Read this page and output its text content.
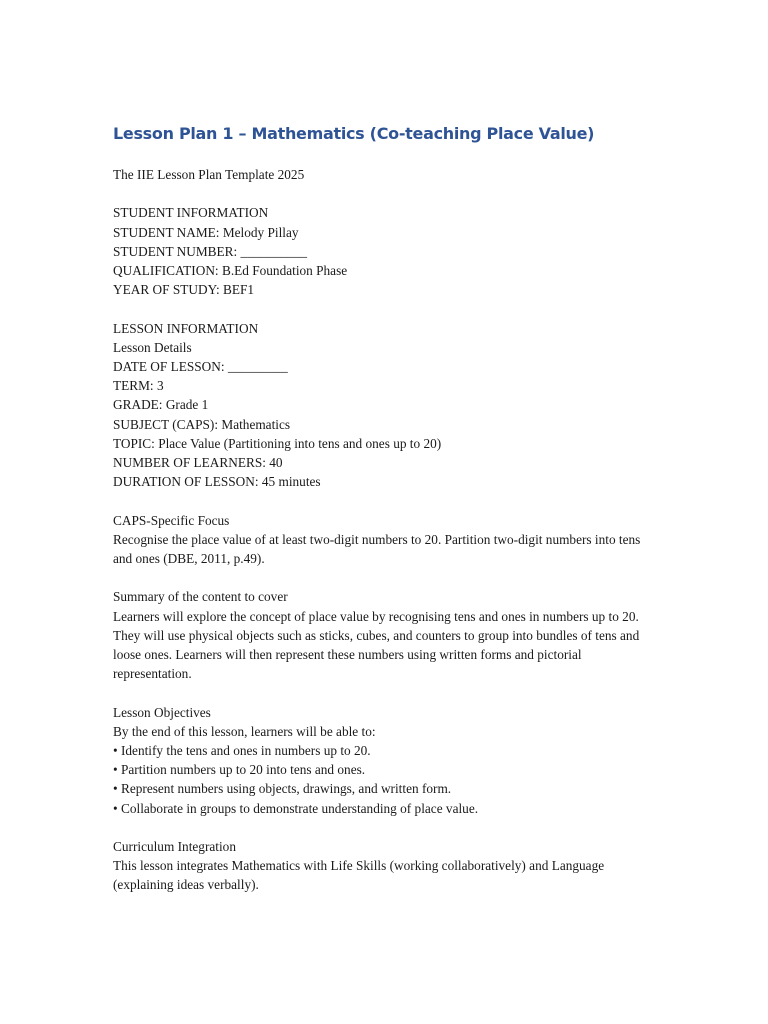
Lesson Plan 1 – Mathematics (Co-teaching Place Value)

The IIE Lesson Plan Template 2025

STUDENT INFORMATION

STUDENT NAME: Melody Pillay

STUDENT NUMBER: __________

QUALIFICATION: B.Ed Foundation Phase

YEAR OF STUDY: BEF1

LESSON INFORMATION

Lesson Details

DATE OF LESSON: _________

TERM: 3

GRADE: Grade 1

SUBJECT (CAPS): Mathematics

TOPIC: Place Value (Partitioning into tens and ones up to 20)

NUMBER OF LEARNERS: 40

DURATION OF LESSON: 45 minutes

CAPS-Specific Focus

Recognise the place value of at least two-digit numbers to 20. Partition two-digit numbers into tens and ones (DBE, 2011, p.49).

Summary of the content to cover

Learners will explore the concept of place value by recognising tens and ones in numbers up to 20. They will use physical objects such as sticks, cubes, and counters to group into bundles of tens and loose ones. Learners will then represent these numbers using written forms and pictorial representation.

Lesson Objectives

By the end of this lesson, learners will be able to:

• Identify the tens and ones in numbers up to 20.
• Partition numbers up to 20 into tens and ones.
• Represent numbers using objects, drawings, and written form.
• Collaborate in groups to demonstrate understanding of place value.

Curriculum Integration

This lesson integrates Mathematics with Life Skills (working collaboratively) and Language (explaining ideas verbally).
